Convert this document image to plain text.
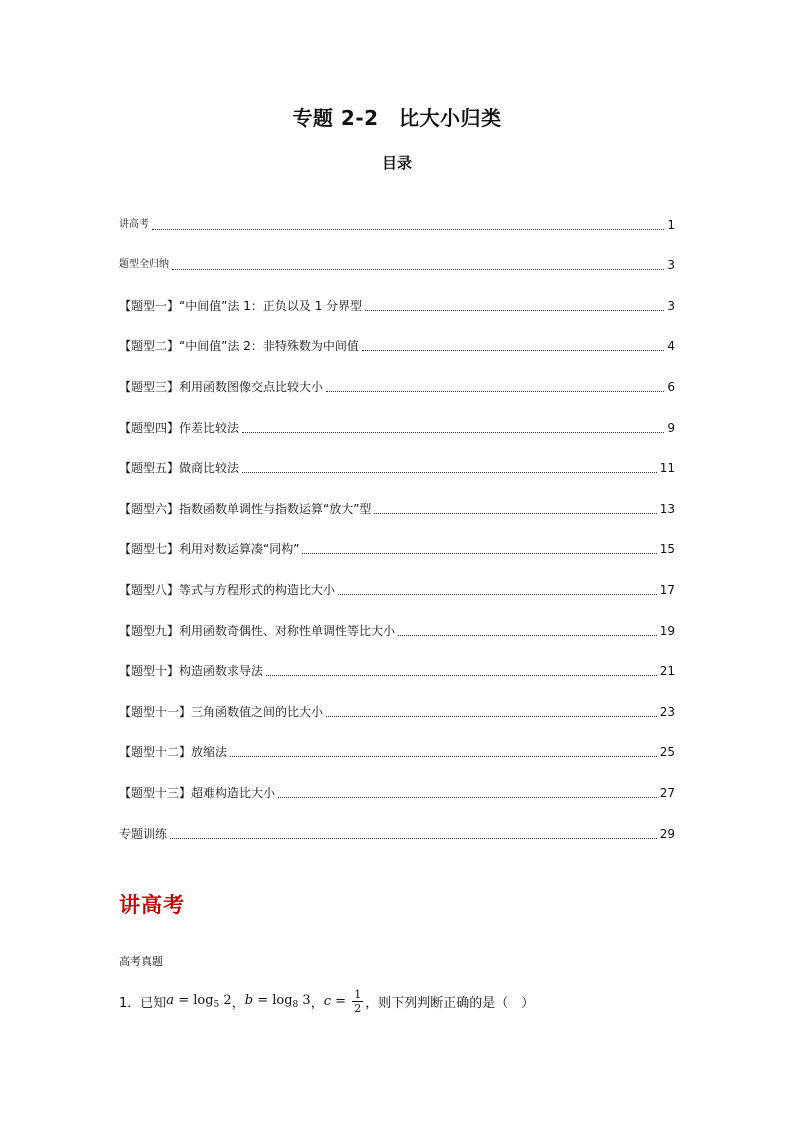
专题 2-2　比大小归类
目录
讲高考	1
题型全归纳	3
【题型一】“中间值”法 1：正负以及 1 分界型	3
【题型二】“中间值”法 2：非特殊数为中间值	4
【题型三】利用函数图像交点比较大小	6
【题型四】作差比较法	9
【题型五】做商比较法	11
【题型六】指数函数单调性与指数运算“放大”型	13
【题型七】利用对数运算凑“同构”	15
【题型八】等式与方程形式的构造比大小	17
【题型九】利用函数奇偶性、对称性单调性等比大小	19
【题型十】构造函数求导法	21
【题型十一】三角函数值之间的比大小	23
【题型十二】放缩法	25
【题型十三】超难构造比大小	27
专题训练	29
讲高考
高考真题
1．已知 $a = \log_5 2$ ， $b = \log_8 3$ ， $c = \frac{1}{2}$ ，则下列判断正确的是（　）
